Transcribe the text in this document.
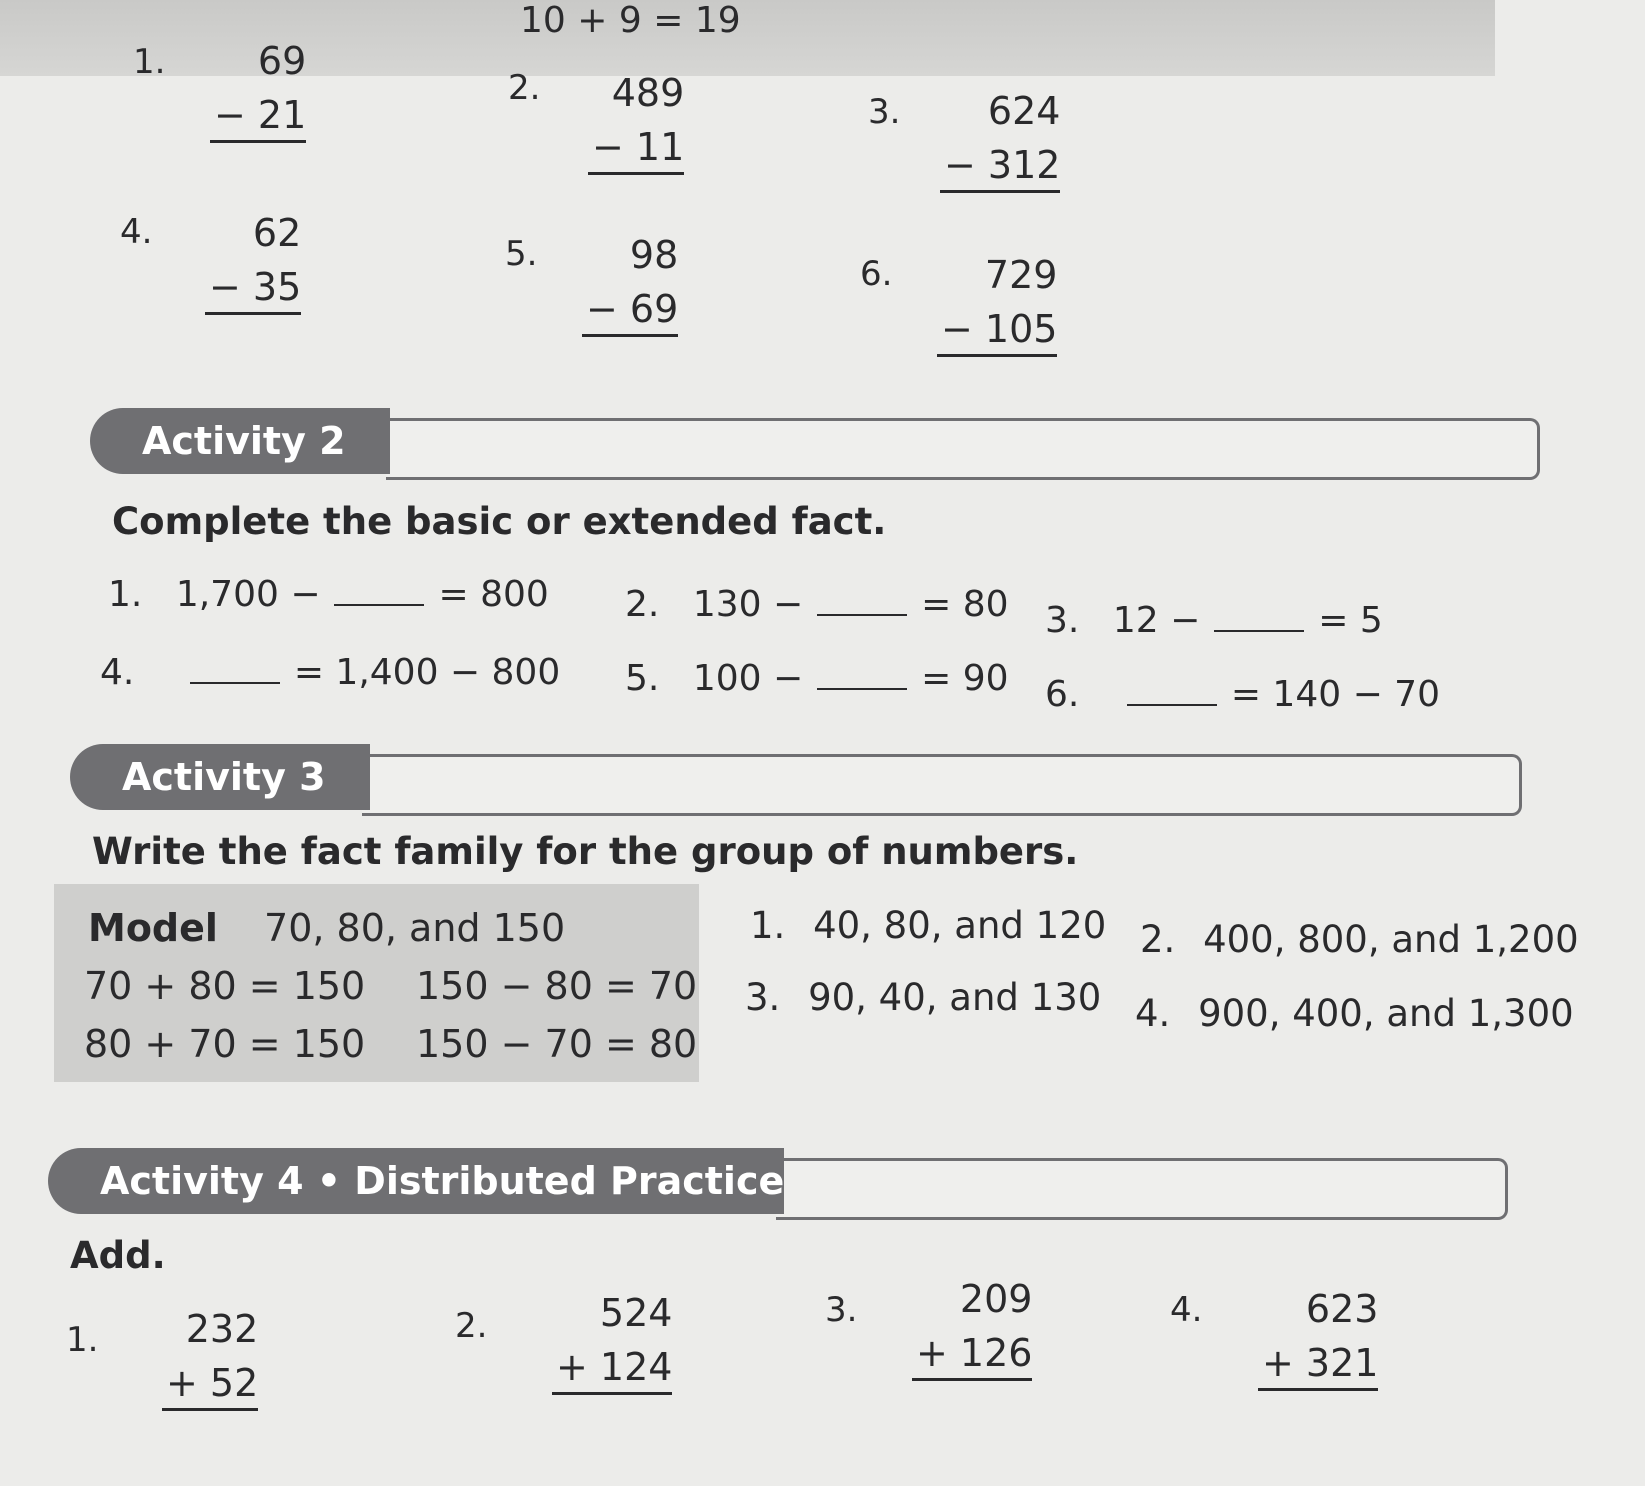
10 + 9 = 19
1.	69
− 21
2.	489
− 11
3.	624
− 312
4.	62
− 35
5.	98
− 69
6.	729
− 105
Activity 2
Complete the basic or extended fact.
1. 1,700 −	= 800 2. 130 −	= 80 3. 12 −	= 5
4.	= 1,400 − 800 5. 100 −	= 90 6.	= 140 − 70
Activity 3
Write the fact family for the group of numbers.
Model 70, 80, and 150
70 + 80 = 150 150 − 80 = 70
80 + 70 = 150 150 − 70 = 80
1. 40, 80, and 120 2. 400, 800, and 1,200
3. 90, 40, and 130 4. 900, 400, and 1,300
Activity 4 • Distributed Practice
Add.
1.	232
+ 52
2.	524
+ 124
3.	209
+ 126
4.	623
+ 321
